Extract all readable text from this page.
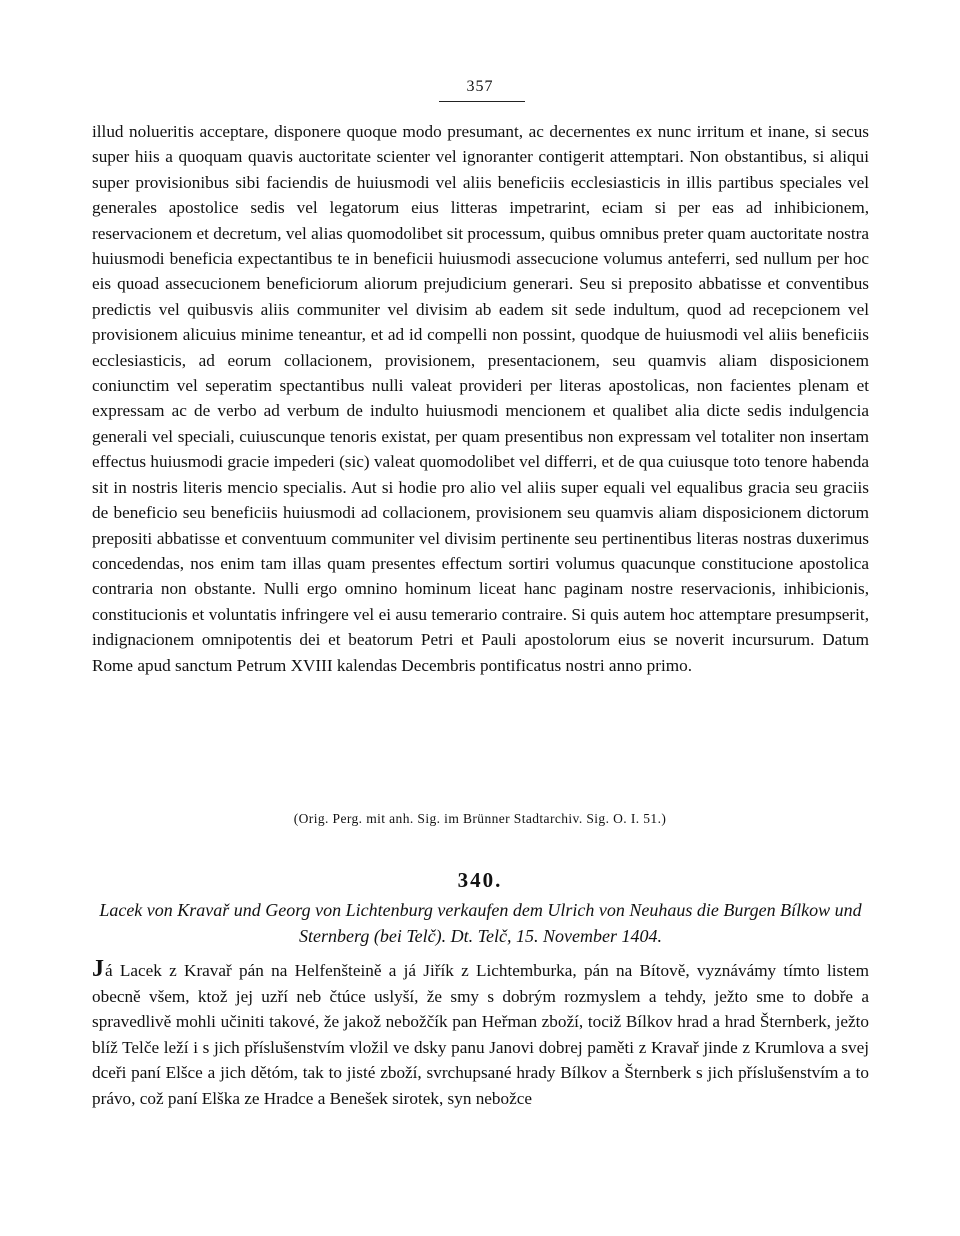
357

illud nolueritis acceptare, disponere quoque modo presumant, ac decernentes ex nunc irritum et inane, si secus super hiis a quoquam quavis auctoritate scienter vel ignoranter contigerit attemptari. Non obstantibus, si aliqui super provisionibus sibi faciendis de huiusmodi vel aliis beneficiis ecclesiasticis in illis partibus speciales vel generales apostolice sedis vel legatorum eius litteras impetrarint, eciam si per eas ad inhibicionem, reservacionem et decretum, vel alias quomodolibet sit processum, quibus omnibus preter quam auctoritate nostra huiusmodi beneficia expectantibus te in beneficii huiusmodi assecucione volumus anteferri, sed nullum per hoc eis quoad assecucionem beneficiorum aliorum prejudicium generari. Seu si preposito abbatisse et conventibus predictis vel quibusvis aliis communiter vel divisim ab eadem sit sede indultum, quod ad recepcionem vel provisionem alicuius minime teneantur, et ad id compelli non possint, quodque de huiusmodi vel aliis beneficiis ecclesiasticis, ad eorum collacionem, provisionem, presentacionem, seu quamvis aliam disposicionem coniunctim vel seperatim spectantibus nulli valeat provideri per literas apostolicas, non facientes plenam et expressam ac de verbo ad verbum de indulto huiusmodi mencionem et qualibet alia dicte sedis indulgencia generali vel speciali, cuiuscunque tenoris existat, per quam presentibus non expressam vel totaliter non insertam effectus huiusmodi gracie impederi (sic) valeat quomodolibet vel differri, et de qua cuiusque toto tenore habenda sit in nostris literis mencio specialis. Aut si hodie pro alio vel aliis super equali vel equalibus gracia seu graciis de beneficio seu beneficiis huiusmodi ad collacionem, provisionem seu quamvis aliam disposicionem dictorum prepositi abbatisse et conventuum communiter vel divisim pertinente seu pertinentibus literas nostras duxerimus concedendas, nos enim tam illas quam presentes effectum sortiri volumus quacunque constitucione apostolica contraria non obstante. Nulli ergo omnino hominum liceat hanc paginam nostre reservacionis, inhibicionis, constitucionis et voluntatis infringere vel ei ausu temerario contraire. Si quis autem hoc attemptare presumpserit, indignacionem omnipotentis dei et beatorum Petri et Pauli apostolorum eius se noverit incursurum. Datum Rome apud sanctum Petrum XVIII kalendas Decembris pontificatus nostri anno primo.

(Orig. Perg. mit anh. Sig. im Brünner Stadtarchiv. Sig. O. I. 51.)
340.
Lacek von Kravař und Georg von Lichtenburg verkaufen dem Ulrich von Neuhaus die Burgen Bílkow und Sternberg (bei Telč). Dt. Telč, 15. November 1404.

Já Lacek z Kravař pán na Helfenšteině a já Jiřík z Lichtemburka, pán na Bítově, vyznávámy tímto listem obecně všem, ktož jej uzří neb čtúce uslyší, že smy s dobrým rozmyslem a tehdy, ježto sme to dobře a spravedlivě mohli učiniti takové, že jakož nebožčík pan Heřman zboží, tociž Bílkov hrad a hrad Šternberk, ježto blíž Telče leží i s jich příslušenstvím vložil ve dsky panu Janovi dobrej paměti z Kravař jinde z Krumlova a svej dceři paní Elšce a jich dětóm, tak to jisté zboží, svrchupsané hrady Bílkov a Šternberk s jich příslušenstvím a to právo, což paní Elška ze Hradce a Benešek sirotek, syn nebožce
